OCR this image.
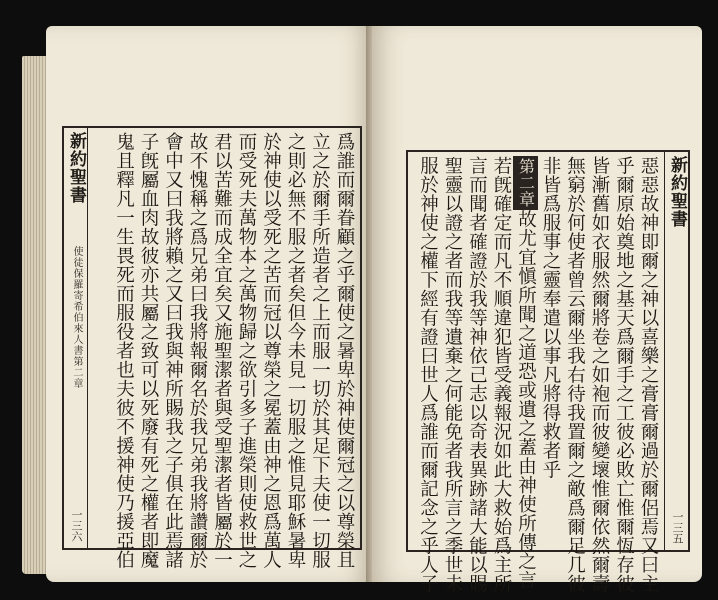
新約聖書
使徒保羅寄希伯來人書第二章
一三六	爲誰而爾眷顧之乎爾使之暑卑於神使爾冠之以尊榮且
立之於爾手所造者之上而服一切於其足下夫使一切服
之則必無不服之者矣但今未見一切服之惟見耶穌暑卑
於神使以受死之苦而冠以尊榮之冕蓋由神之恩爲萬人
而受死夫萬物本之萬物歸之欲引多子進榮則使救世之
君以苦難而成全宜矣又施聖潔者與受聖潔者皆屬於一
故不愧稱之爲兄弟曰我將報爾名於我兄弟我將讚爾於
會中又曰我將賴之又曰我與神所賜我之子俱在此焉諸
子旣屬血肉故彼亦共屬之致可以死廢有死之權者即魔
鬼且釋凡一生畏死而服役者也夫彼不援神使乃援亞伯	新約聖書
一三五
惡惡故神即爾之神以喜樂之膏膏爾過於爾侶焉又曰主
乎爾原始奠地之基天爲爾手之工彼必敗亡惟爾恆存彼
皆漸舊如衣服然爾將卷之如袍而彼變壞惟爾依然爾壽
無窮於何使者曾云爾坐我右待我置爾之敵爲爾足几彼
非皆爲服事之靈奉遣以事凡將得救者乎
第二章故尤宜愼所聞之道恐或遺之蓋由神使所傳之言
若旣確定而凡不順違犯皆受義報況如此大救始爲主所
言而聞者確證於我等神依己志以奇表異跡諸大能以賜
聖靈以證之者而我等遺棄之何能免者我所言之季世未
服於神使之權下經有證曰世人爲誰而爾記念之乎人子
